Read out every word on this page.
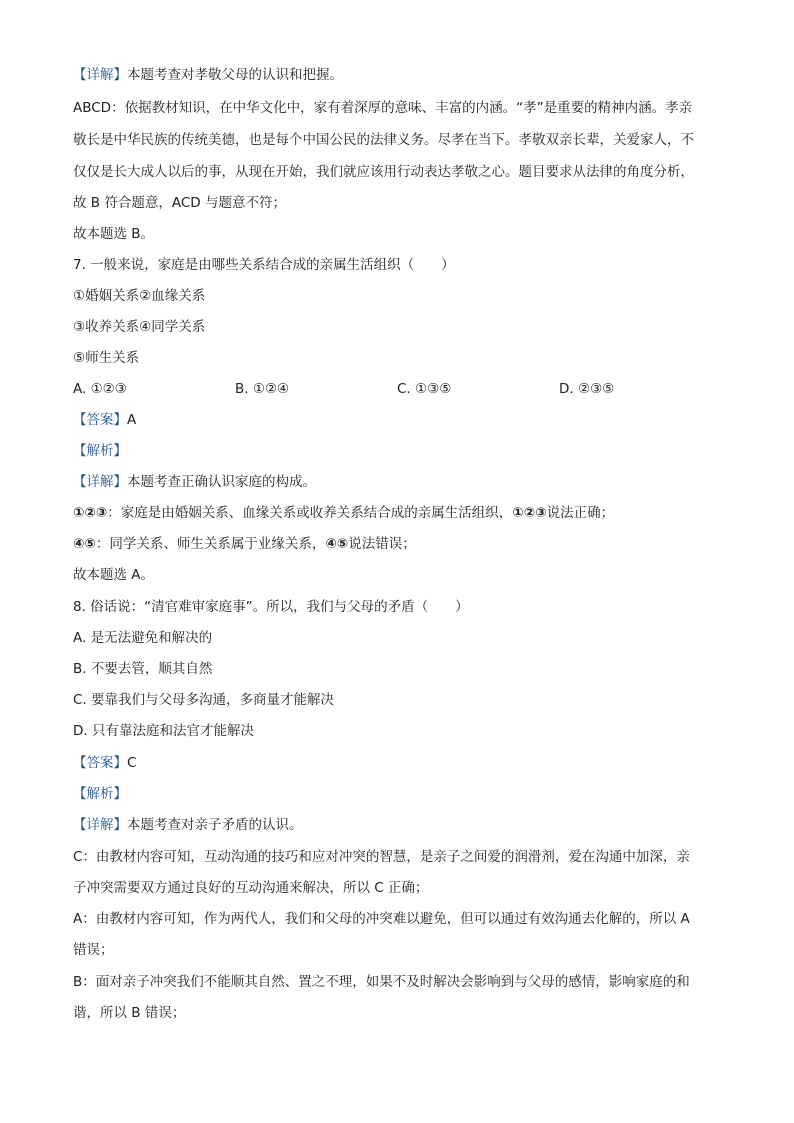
【详解】本题考查对孝敬父母的认识和把握。
ABCD：依据教材知识，在中华文化中，家有着深厚的意味、丰富的内涵。“孝”是重要的精神内涵。孝亲
敬长是中华民族的传统美德，也是每个中国公民的法律义务。尽孝在当下。孝敬双亲长辈，关爱家人，不
仅仅是长大成人以后的事，从现在开始，我们就应该用行动表达孝敬之心。题目要求从法律的角度分析，
故 B 符合题意，ACD 与题意不符；
故本题选 B。
7. 一般来说，家庭是由哪些关系结合成的亲属生活组织（　　）
①婚姻关系②血缘关系
③收养关系④同学关系
⑤师生关系
A. ①②③	B. ①②④	C. ①③⑤	D. ②③⑤
【答案】A
【解析】
【详解】本题考查正确认识家庭的构成。
①②③：家庭是由婚姻关系、血缘关系或收养关系结合成的亲属生活组织，①②③说法正确；
④⑤：同学关系、师生关系属于业缘关系，④⑤说法错误；
故本题选 A。
8. 俗话说：“清官难审家庭事”。所以，我们与父母的矛盾（　　）
A. 是无法避免和解决的
B. 不要去管，顺其自然
C. 要靠我们与父母多沟通，多商量才能解决
D. 只有靠法庭和法官才能解决
【答案】C
【解析】
【详解】本题考查对亲子矛盾的认识。
C：由教材内容可知，互动沟通的技巧和应对冲突的智慧，是亲子之间爱的润滑剂，爱在沟通中加深，亲
子冲突需要双方通过良好的互动沟通来解决，所以 C 正确；
A：由教材内容可知，作为两代人，我们和父母的冲突难以避免，但可以通过有效沟通去化解的，所以 A
错误；
B：面对亲子冲突我们不能顺其自然、置之不理，如果不及时解决会影响到与父母的感情，影响家庭的和
谐，所以 B 错误；
